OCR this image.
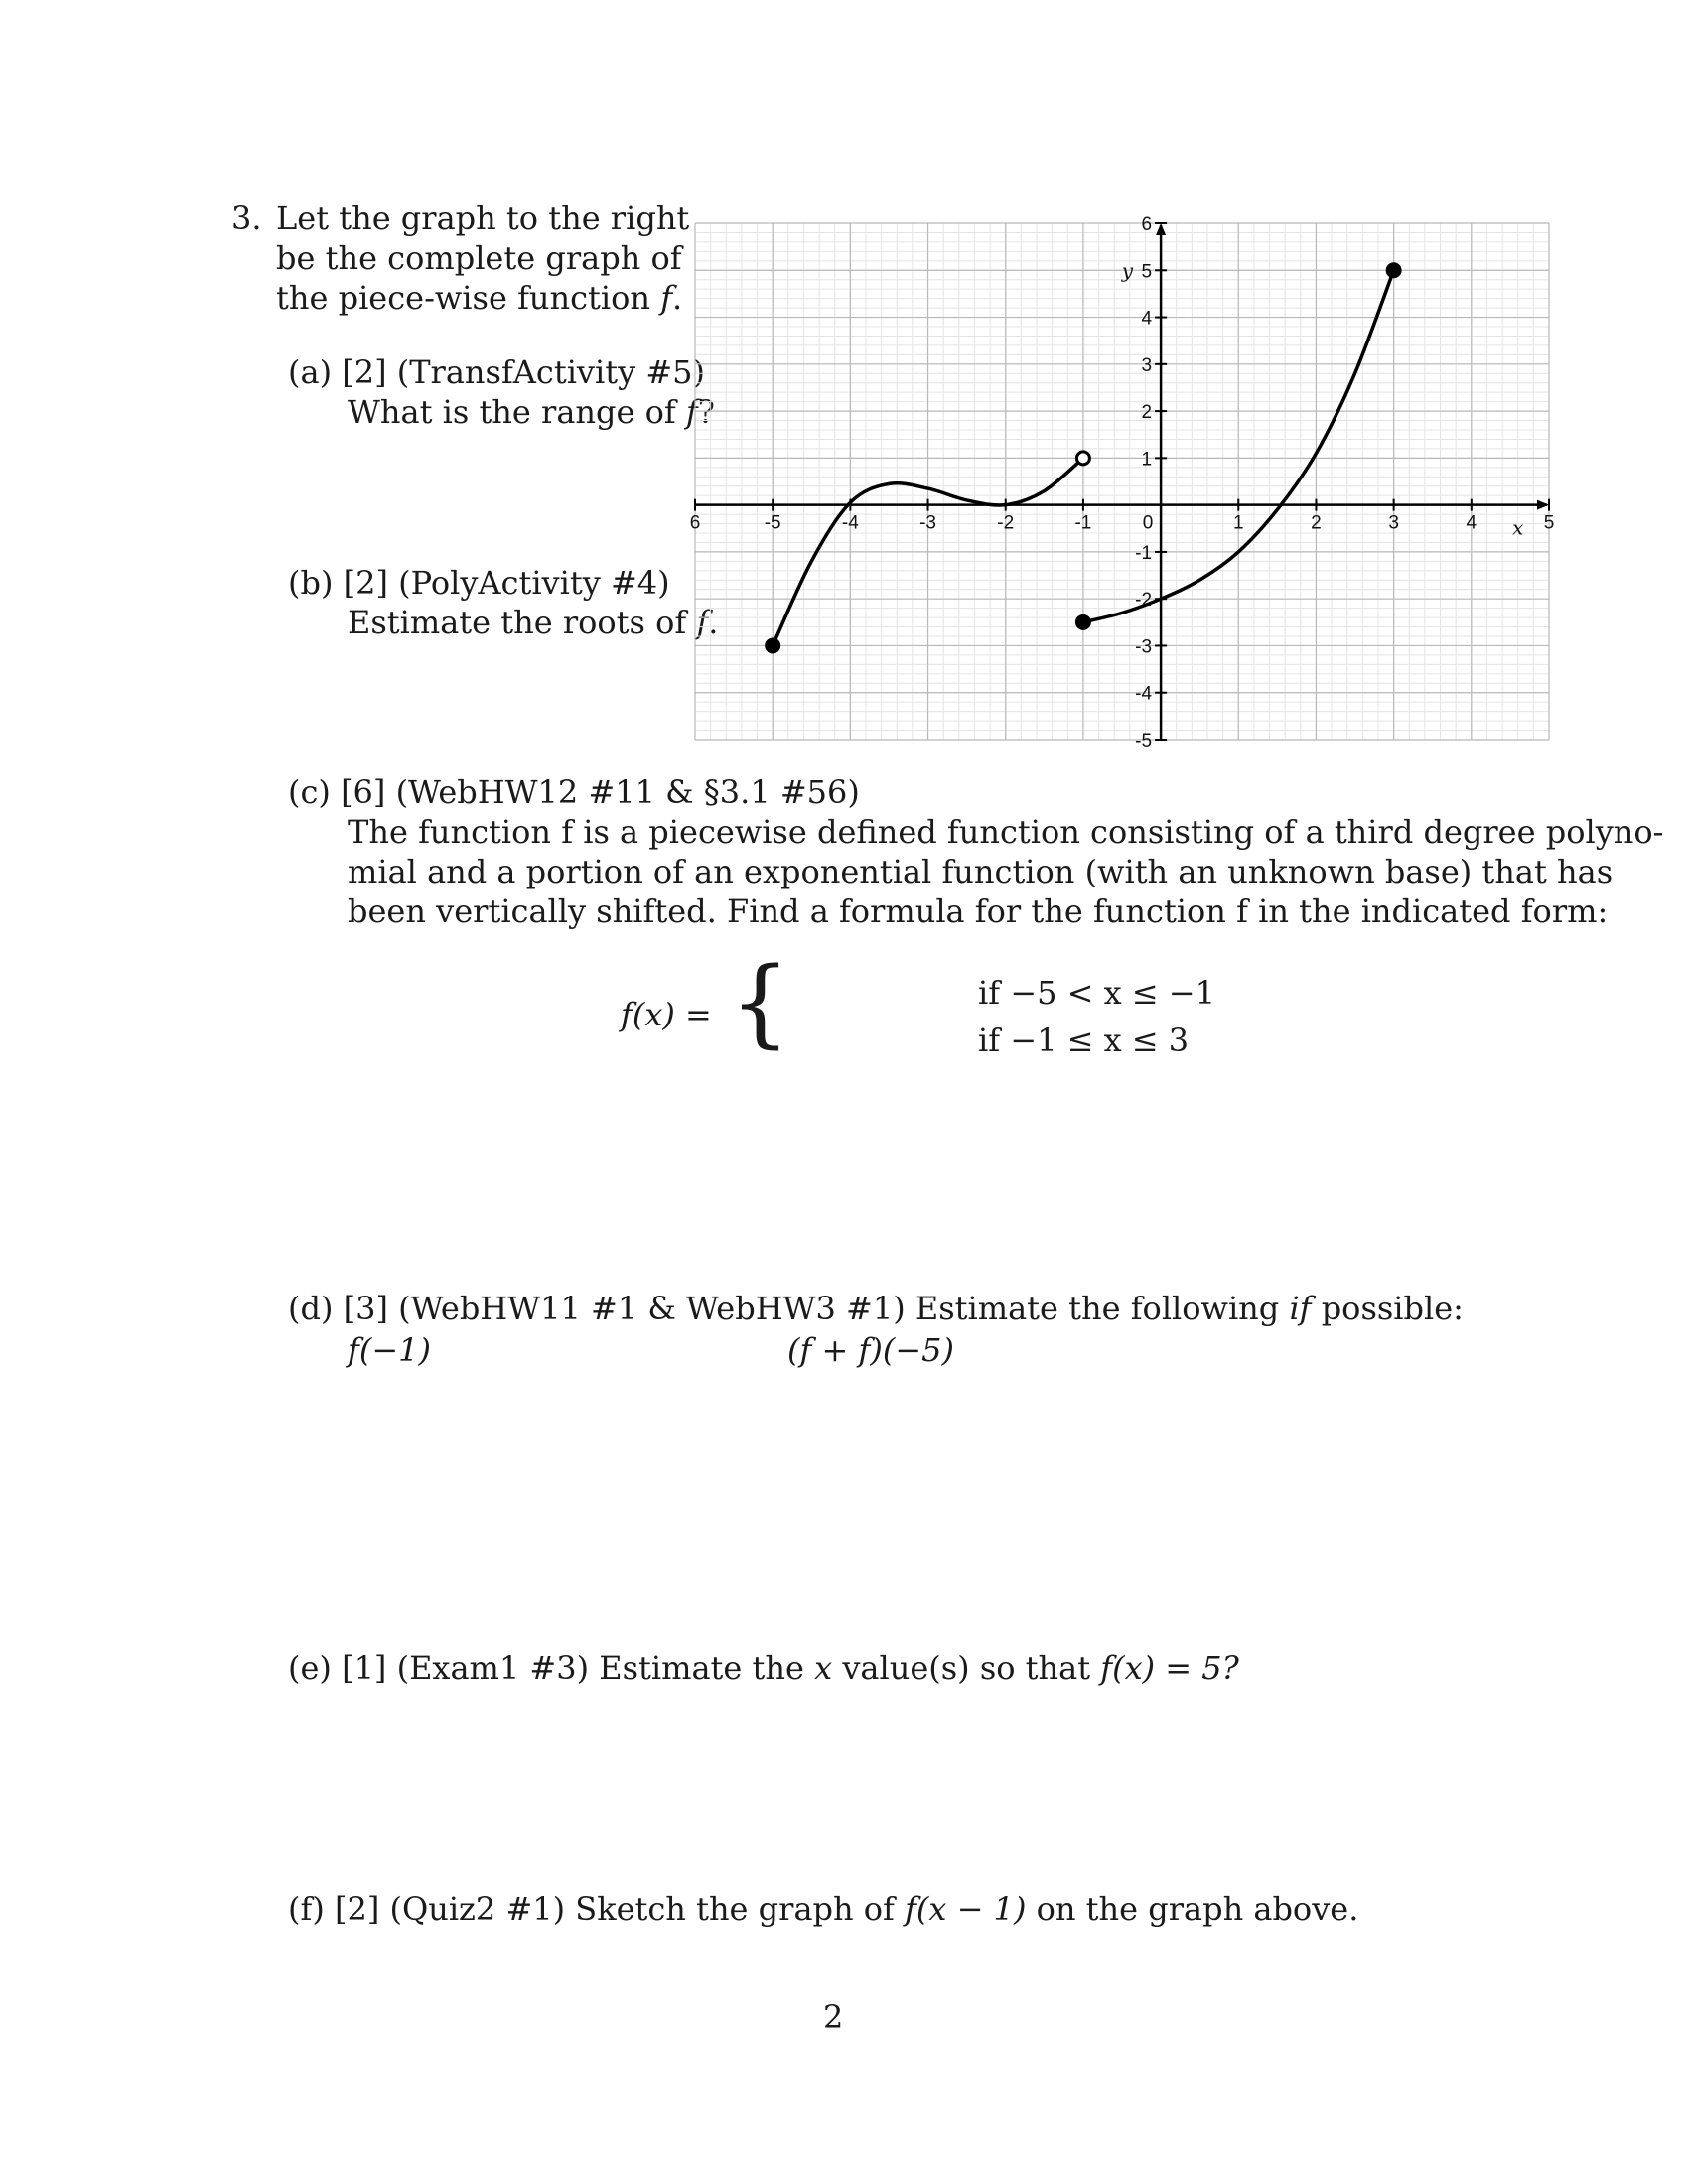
3. Let the graph to the right
be the complete graph of
the piece-wise function f.
(a) [2] (TransfActivity #5)
What is the range of f?
(b) [2] (PolyActivity #4)
Estimate the roots of f.
6	-5	-4	-3	-2	-1	0	1	2	3	4	5
6
5
4
3
2
1
-1
-2
-3
-4
-5
x
y
(c) [6] (WebHW12 #11 & §3.1 #56)
The function f is a piecewise defined function consisting of a third degree polyno-
mial and a portion of an exponential function (with an unknown base) that has
been vertically shifted. Find a formula for the function f in the indicated form:
f(x) = {	if −5 < x ≤ −1
if −1 ≤ x ≤ 3
(d) [3] (WebHW11 #1 & WebHW3 #1) Estimate the following if possible:
f(−1)	(f + f)(−5)
(e) [1] (Exam1 #3) Estimate the x value(s) so that f(x) = 5?
(f) [2] (Quiz2 #1) Sketch the graph of f(x − 1) on the graph above.
2
